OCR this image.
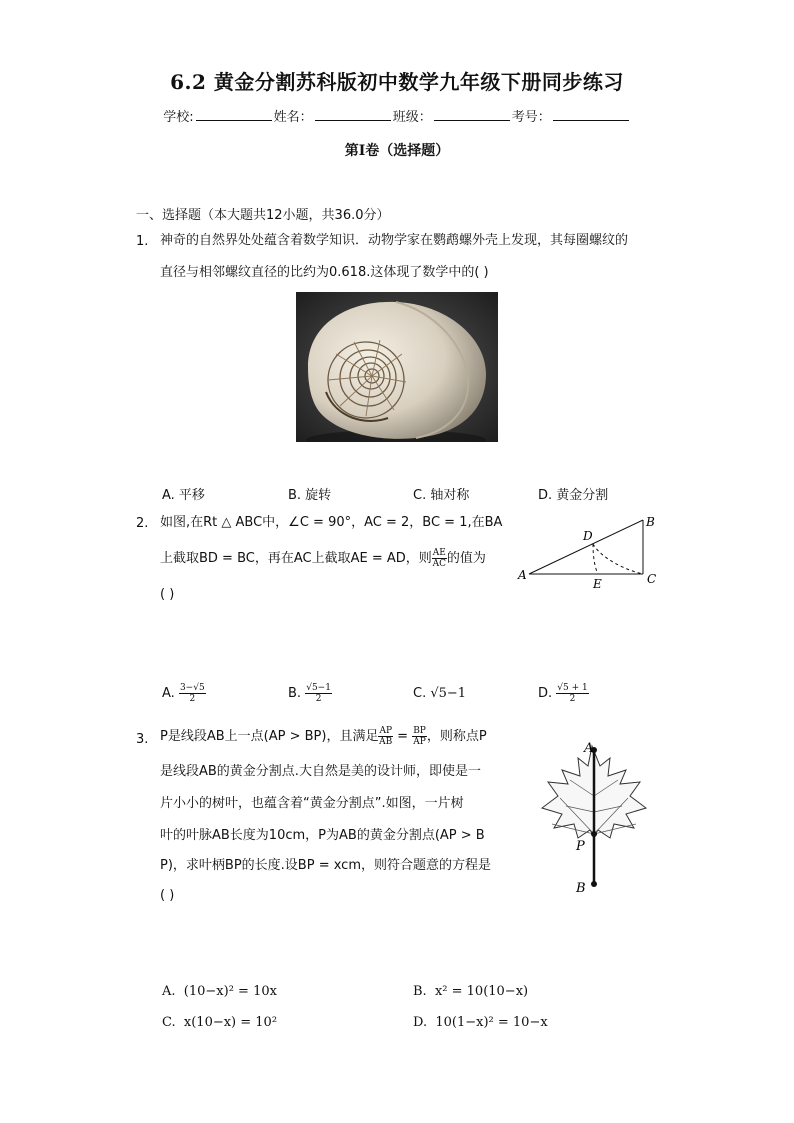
6.2 黄金分割苏科版初中数学九年级下册同步练习
学校:	姓名：	班级：	考号：
第I卷（选择题）
一、选择题（本大题共12小题，共36.0分）
1. 神奇的自然界处处蕴含着数学知识．动物学家在鹦鹉螺外壳上发现，其每圈螺纹的
直径与相邻螺纹直径的比约为0.618.这体现了数学中的( )
A. 平移	B. 旋转	C. 轴对称	D. 黄金分割
2. 如图,在Rt △ ABC中，∠C = 90°，AC = 2，BC = 1,在BA
上截取BD = BC，再在AC上截取AE = AD，则 $\frac{AE}{AC}$ 的值为
( )
A
B
C
D
E
A. $\frac{3-√5}{2}$	B. $\frac{√5-1}{2}$	C. √5−1	D. $\frac{√5 + 1}{2}$
3. P是线段AB上一点(AP > BP)，且满足 $\frac{AP}{AB} = \frac{BP}{AP}$ ，则称点P
是线段AB的黄金分割点.大自然是美的设计师，即使是一
片小小的树叶，也蕴含着“黄金分割点”.如图，一片树
叶的叶脉AB长度为10cm，P为AB的黄金分割点(AP > B
P)，求叶柄BP的长度.设BP = xcm，则符合题意的方程是
( )
A
P
B
A. (10−x)² = 10x	B. x² = 10(10−x)
C. x(10−x) = 10²	D. 10(1−x)² = 10−x
